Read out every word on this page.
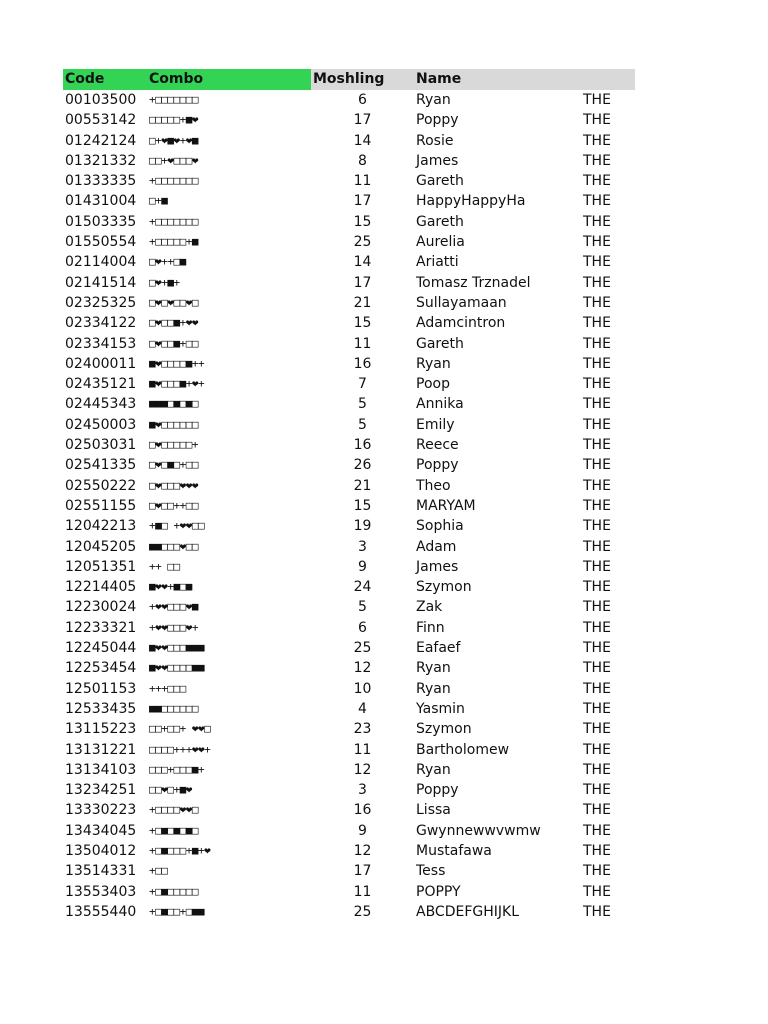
Code	Combo	Moshling	Name	
00103500	+□□□□□□□	6	Ryan	THE
00553142	□□□□□+■❤	17	Poppy	THE
01242124	□+❤■❤+❤■	14	Rosie	THE
01321332	□□+❤□□□❤	8	James	THE
01333335	+□□□□□□□	11	Gareth	THE
01431004	□+■	17	HappyHappyHa	THE
01503335	+□□□□□□□	15	Gareth	THE
01550554	+□□□□□+■	25	Aurelia	THE
02114004	□❤++□■	14	Ariatti	THE
02141514	□❤+■+	17	Tomasz Trznadel	THE
02325325	□❤□❤□□❤□	21	Sullayamaan	THE
02334122	□❤□□■+❤❤	15	Adamcintron	THE
02334153	□❤□□■+□□	11	Gareth	THE
02400011	■❤□□□□■++	16	Ryan	THE
02435121	■❤□□□■+❤+	7	Poop	THE
02445343	■■■□■□■□	5	Annika	THE
02450003	■❤□□□□□□	5	Emily	THE
02503031	□❤□□□□□+	16	Reece	THE
02541335	□❤□■□+□□	26	Poppy	THE
02550222	□❤□□□❤❤❤	21	Theo	THE
02551155	□❤□□++□□	15	MARYAM	THE
12042213	+■□ +❤❤□□	19	Sophia	THE
12045205	■■□□□❤□□	3	Adam	THE
12051351	++ □□	9	James	THE
12214405	■❤❤+■□■	24	Szymon	THE
12230024	+❤❤□□□❤■	5	Zak	THE
12233321	+❤❤□□□❤+	6	Finn	THE
12245044	■❤❤□□□■■■	25	Eafaef	THE
12253454	■❤❤□□□□■■	12	Ryan	THE
12501153	+++□□□	10	Ryan	THE
12533435	■■□□□□□□	4	Yasmin	THE
13115223	□□+□□+ ❤❤□	23	Szymon	THE
13131221	□□□□+++❤❤+	11	Bartholomew	THE
13134103	□□□+□□□■+	12	Ryan	THE
13234251	□□❤□+■❤	3	Poppy	THE
13330223	+□□□□❤❤□	16	Lissa	THE
13434045	+□■□■□■□	9	Gwynnewwvwmw	THE
13504012	+□■□□□+■+❤	12	Mustafawa	THE
13514331	+□□	17	Tess	THE
13553403	+□■□□□□□	11	POPPY	THE
13555440	+□■□□+□■■	25	ABCDEFGHIJKL	THE
